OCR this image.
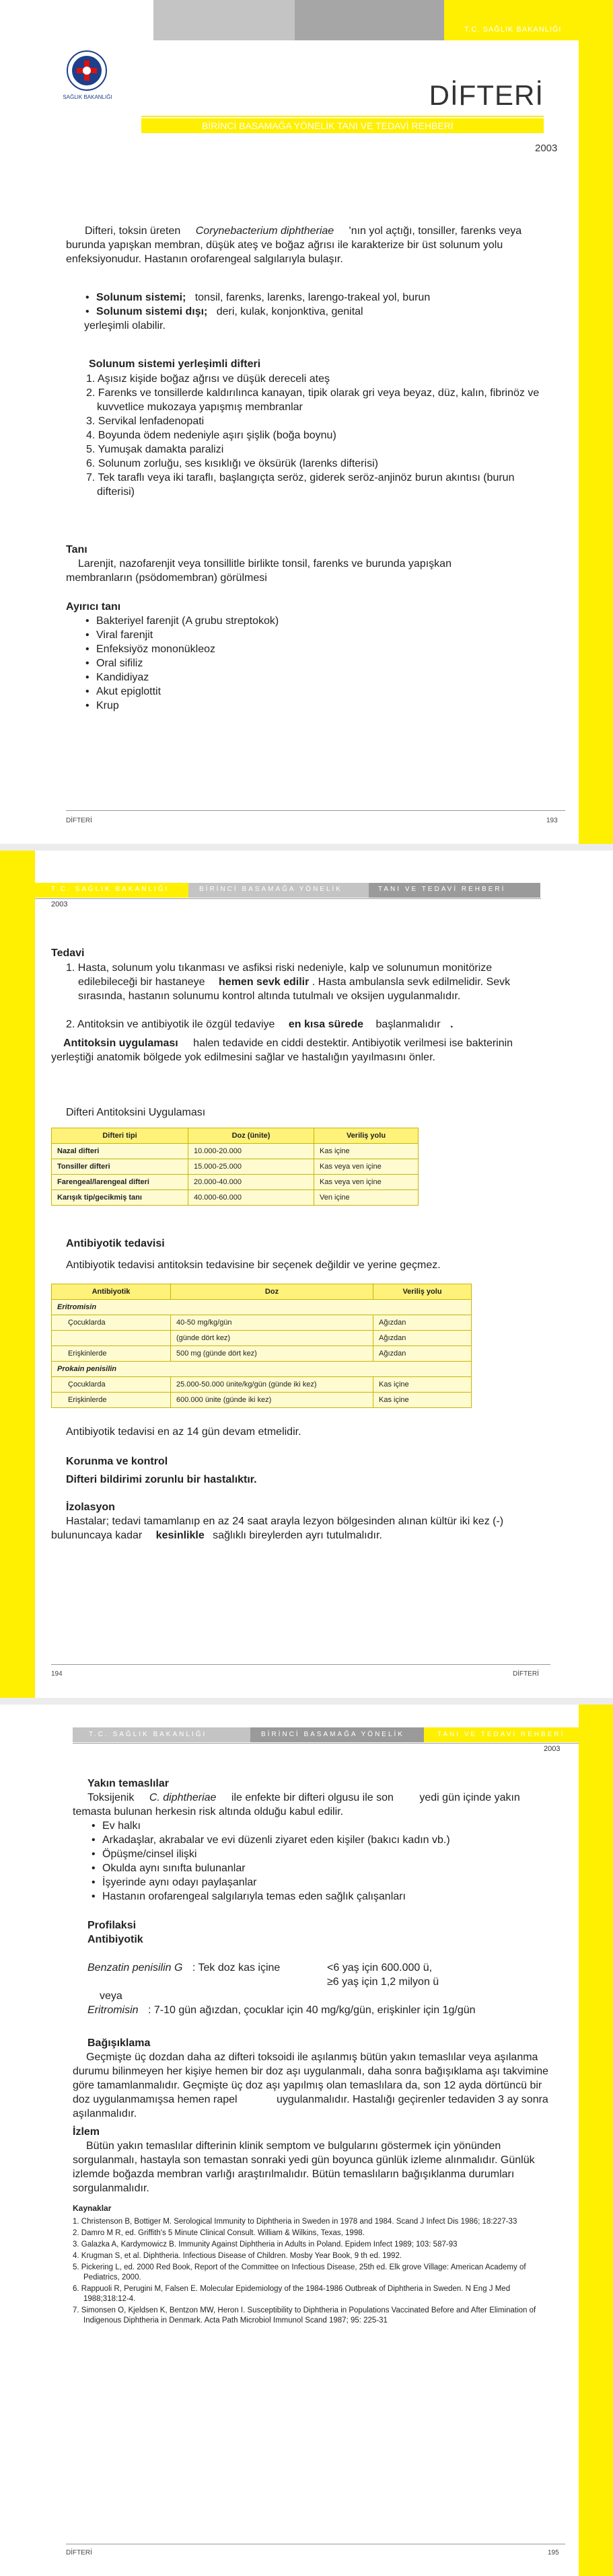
T.C. SAĞLIK BAKANLIĞI
SAĞLIK BAKANLIĞI	DİFTERİ
BİRİNCİ BASAMAĞA YÖNELİK TANI VE TEDAVİ REHBERİ
2003
Difteri, toksin üreten Corynebacterium diphtheriae 'nın yol açtığı, tonsiller, farenks veya burunda yapışkan membran, düşük ateş ve boğaz ağrısı ile karakterize bir üst solunum yolu enfeksiyonudur. Hastanın orofarengeal salgılarıyla bulaşır.
• Solunum sistemi; tonsil, farenks, larenks, larengo-trakeal yol, burun
• Solunum sistemi dışı; deri, kulak, konjonktiva, genital
yerleşimli olabilir.
Solunum sistemi yerleşimli difteri
1. Aşısız kişide boğaz ağrısı ve düşük dereceli ateş
2. Farenks ve tonsillerde kaldırılınca kanayan, tipik olarak gri veya beyaz, düz, kalın, fibrinöz ve kuvvetlice mukozaya yapışmış membranlar
3. Servikal lenfadenopati
4. Boyunda ödem nedeniyle aşırı şişlik (boğa boynu)
5. Yumuşak damakta paralizi
6. Solunum zorluğu, ses kısıklığı ve öksürük (larenks difterisi)
7. Tek taraflı veya iki taraflı, başlangıçta seröz, giderek seröz-anjinöz burun akıntısı (burun difterisi)
Tanı
Larenjit, nazofarenjit veya tonsillitle birlikte tonsil, farenks ve burunda yapışkan membranların (psödomembran) görülmesi
Ayırıcı tanı
• Bakteriyel farenjit (A grubu streptokok)
• Viral farenjit
• Enfeksiyöz mononükleoz
• Oral sifiliz
• Kandidiyaz
• Akut epiglottit
• Krup
DİFTERİ	193
T.C. SAĞLIK BAKANLIĞI	BİRİNCİ BASAMAĞA YÖNELİK	TANI VE TEDAVİ REHBERİ
2003
Tedavi
1. Hasta, solunum yolu tıkanması ve asfiksi riski nedeniyle, kalp ve solunumun monitörize edilebileceği bir hastaneye hemen sevk edilir . Hasta ambulansla sevk edilmelidir. Sevk sırasında, hastanın solunumu kontrol altında tutulmalı ve oksijen uygulanmalıdır.
2. Antitoksin ve antibiyotik ile özgül tedaviye en kısa sürede başlanmalıdır .
Antitoksin uygulaması halen tedavide en ciddi destektir. Antibiyotik verilmesi ise bakterinin yerleştiği anatomik bölgede yok edilmesini sağlar ve hastalığın yayılmasını önler.
Difteri Antitoksini Uygulaması
Difteri tipi	Doz (ünite)	Veriliş yolu
Nazal difteri	10.000-20.000	Kas içine
Tonsiller difteri	15.000-25.000	Kas veya ven içine
Farengeal/larengeal difteri	20.000-40.000	Kas veya ven içine
Karışık tip/gecikmiş tanı	40.000-60.000	Ven içine
Antibiyotik tedavisi
Antibiyotik tedavisi antitoksin tedavisine bir seçenek değildir ve yerine geçmez.
Antibiyotik	Doz	Veriliş yolu
Eritromisin		
Çocuklarda	40-50 mg/kg/gün	Ağızdan
	(günde dört kez)	Ağızdan
Erişkinlerde	500 mg (günde dört kez)	Ağızdan
Prokain penisilin		
Çocuklarda	25.000-50.000 ünite/kg/gün (günde iki kez)	Kas içine
Erişkinlerde	600.000 ünite (günde iki kez)	Kas içine
Antibiyotik tedavisi en az 14 gün devam etmelidir.
Korunma ve kontrol
Difteri bildirimi zorunlu bir hastalıktır.
İzolasyon
Hastalar; tedavi tamamlanıp en az 24 saat arayla lezyon bölgesinden alınan kültür iki kez (-) bulununcaya kadar kesinlikle sağlıklı bireylerden ayrı tutulmalıdır.
194	DİFTERİ
T.C. SAĞLIK BAKANLIĞI	BİRİNCİ BASAMAĞA YÖNELİK	TANI VE TEDAVİ REHBERİ
2003
Yakın temaslılar
Toksijenik C. diphtheriae ile enfekte bir difteri olgusu ile son yedi gün içinde yakın temasta bulunan herkesin risk altında olduğu kabul edilir.
• Ev halkı
• Arkadaşlar, akrabalar ve evi düzenli ziyaret eden kişiler (bakıcı kadın vb.)
• Öpüşme/cinsel ilişki
• Okulda aynı sınıfta bulunanlar
• İşyerinde aynı odayı paylaşanlar
• Hastanın orofarengeal salgılarıyla temas eden sağlık çalışanları
Profilaksi
Antibiyotik
Benzatin penisilin G : Tek doz kas içine	<6 yaş için 600.000 ü,
≥6 yaş için 1,2 milyon ü
veya
Eritromisin : 7-10 gün ağızdan, çocuklar için 40 mg/kg/gün, erişkinler için 1g/gün
Bağışıklama
Geçmişte üç dozdan daha az difteri toksoidi ile aşılanmış bütün yakın temaslılar veya aşılanma durumu bilinmeyen her kişiye hemen bir doz aşı uygulanmalı, daha sonra bağışıklama aşı takvimine göre tamamlanmalıdır. Geçmişte üç doz aşı yapılmış olan temaslılara da, son 12 ayda dörtüncü bir doz uygulanmamışsa hemen rapel	uygulanmalıdır. Hastalığı geçirenler tedaviden 3 ay sonra aşılanmalıdır.
İzlem
Bütün yakın temaslılar difterinin klinik semptom ve bulgularını göstermek için yönünden sorgulanmalı, hastayla son temastan sonraki yedi gün boyunca günlük izleme alınmalıdır. Günlük izlemde boğazda membran varlığı araştırılmalıdır. Bütün temaslıların bağışıklanma durumları sorgulanmalıdır.
Kaynaklar
1. Christenson B, Bottiger M. Serological Immunity to Diphtheria in Sweden in 1978 and 1984. Scand J Infect Dis 1986; 18:227-33
2. Damro M R, ed. Griffith's 5 Minute Clinical Consult. William & Wilkins, Texas, 1998.
3. Galazka A, Kardymowicz B. Immunity Against Diphtheria in Adults in Poland. Epidem Infect 1989; 103: 587-93
4. Krugman S, et al. Diphtheria. Infectious Disease of Children. Mosby Year Book, 9 th ed. 1992.
5. Pickering L, ed. 2000 Red Book, Report of the Committee on Infectious Disease, 25th ed. Elk grove Village: American Academy of Pediatrics, 2000.
6. Rappuoli R, Perugini M, Falsen E. Molecular Epidemiology of the 1984-1986 Outbreak of Diphtheria in Sweden. N Eng J Med 1988;318:12-4.
7. Simonsen O, Kjeldsen K, Bentzon MW, Heron I. Susceptibility to Diphtheria in Populations Vaccinated Before and After Elimination of Indigenous Diphtheria in Denmark. Acta Path Microbiol Immunol Scand 1987; 95: 225-31
DİFTERİ	195
